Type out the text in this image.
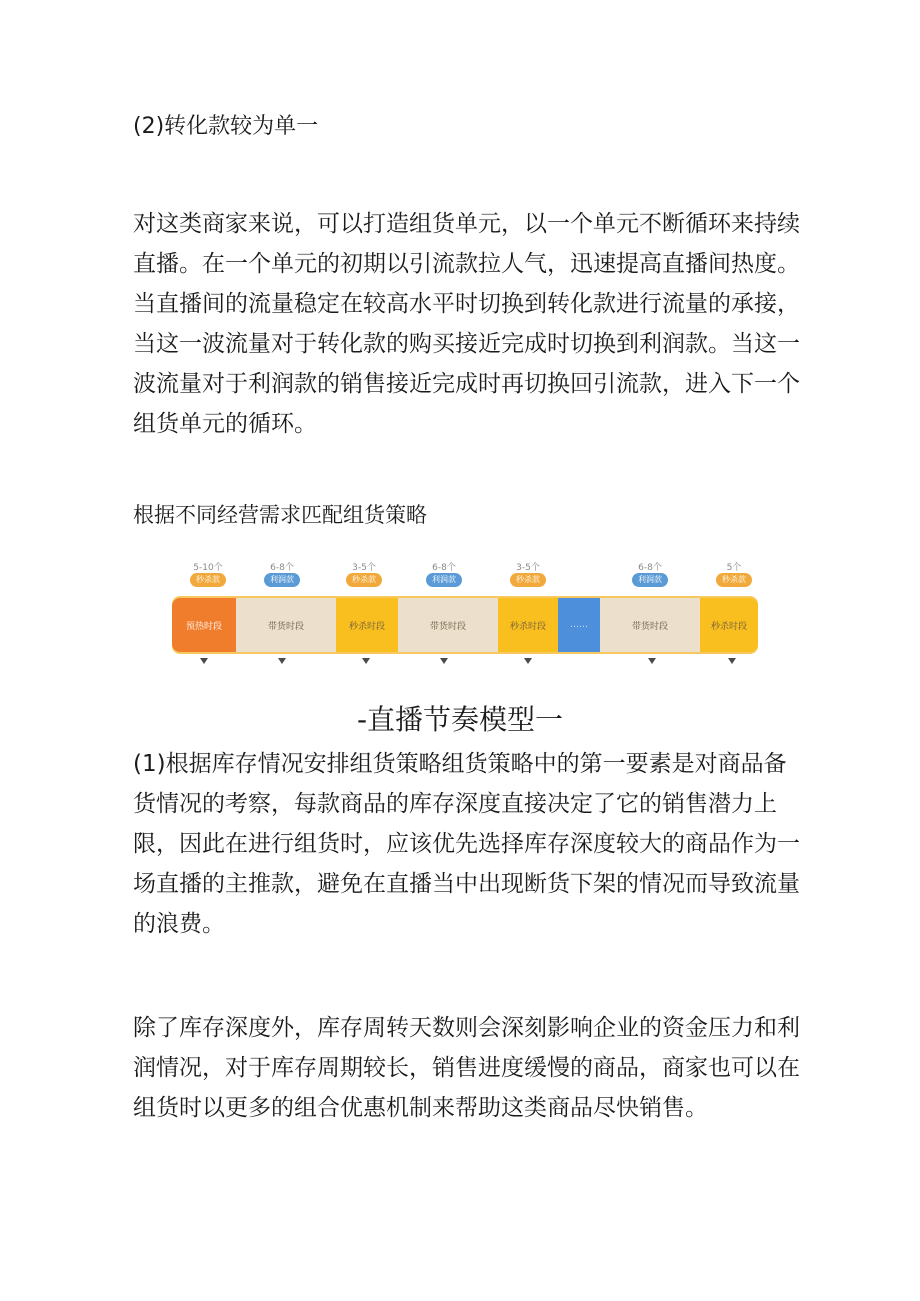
(2)转化款较为单一

对这类商家来说，可以打造组货单元，以一个单元不断循环来持续直播。在一个单元的初期以引流款拉人气，迅速提高直播间热度。当直播间的流量稳定在较高水平时切换到转化款进行流量的承接，当这一波流量对于转化款的购买接近完成时切换到利润款。当这一波流量对于利润款的销售接近完成时再切换回引流款，进入下一个组货单元的循环。

根据不同经营需求匹配组货策略
5-10个
秒杀款
6-8个
利润款
3-5个
秒杀款
6-8个
利润款
3-5个
秒杀款
6-8个
利润款
5个
秒杀款
预热时段	带货时段	秒杀时段	带货时段	秒杀时段	……	带货时段	秒杀时段
-直播节奏模型一

(1)根据库存情况安排组货策略组货策略中的第一要素是对商品备货情况的考察，每款商品的库存深度直接决定了它的销售潜力上限，因此在进行组货时，应该优先选择库存深度较大的商品作为一场直播的主推款，避免在直播当中出现断货下架的情况而导致流量的浪费。

除了库存深度外，库存周转天数则会深刻影响企业的资金压力和利润情况，对于库存周期较长，销售进度缓慢的商品，商家也可以在组货时以更多的组合优惠机制来帮助这类商品尽快销售。
